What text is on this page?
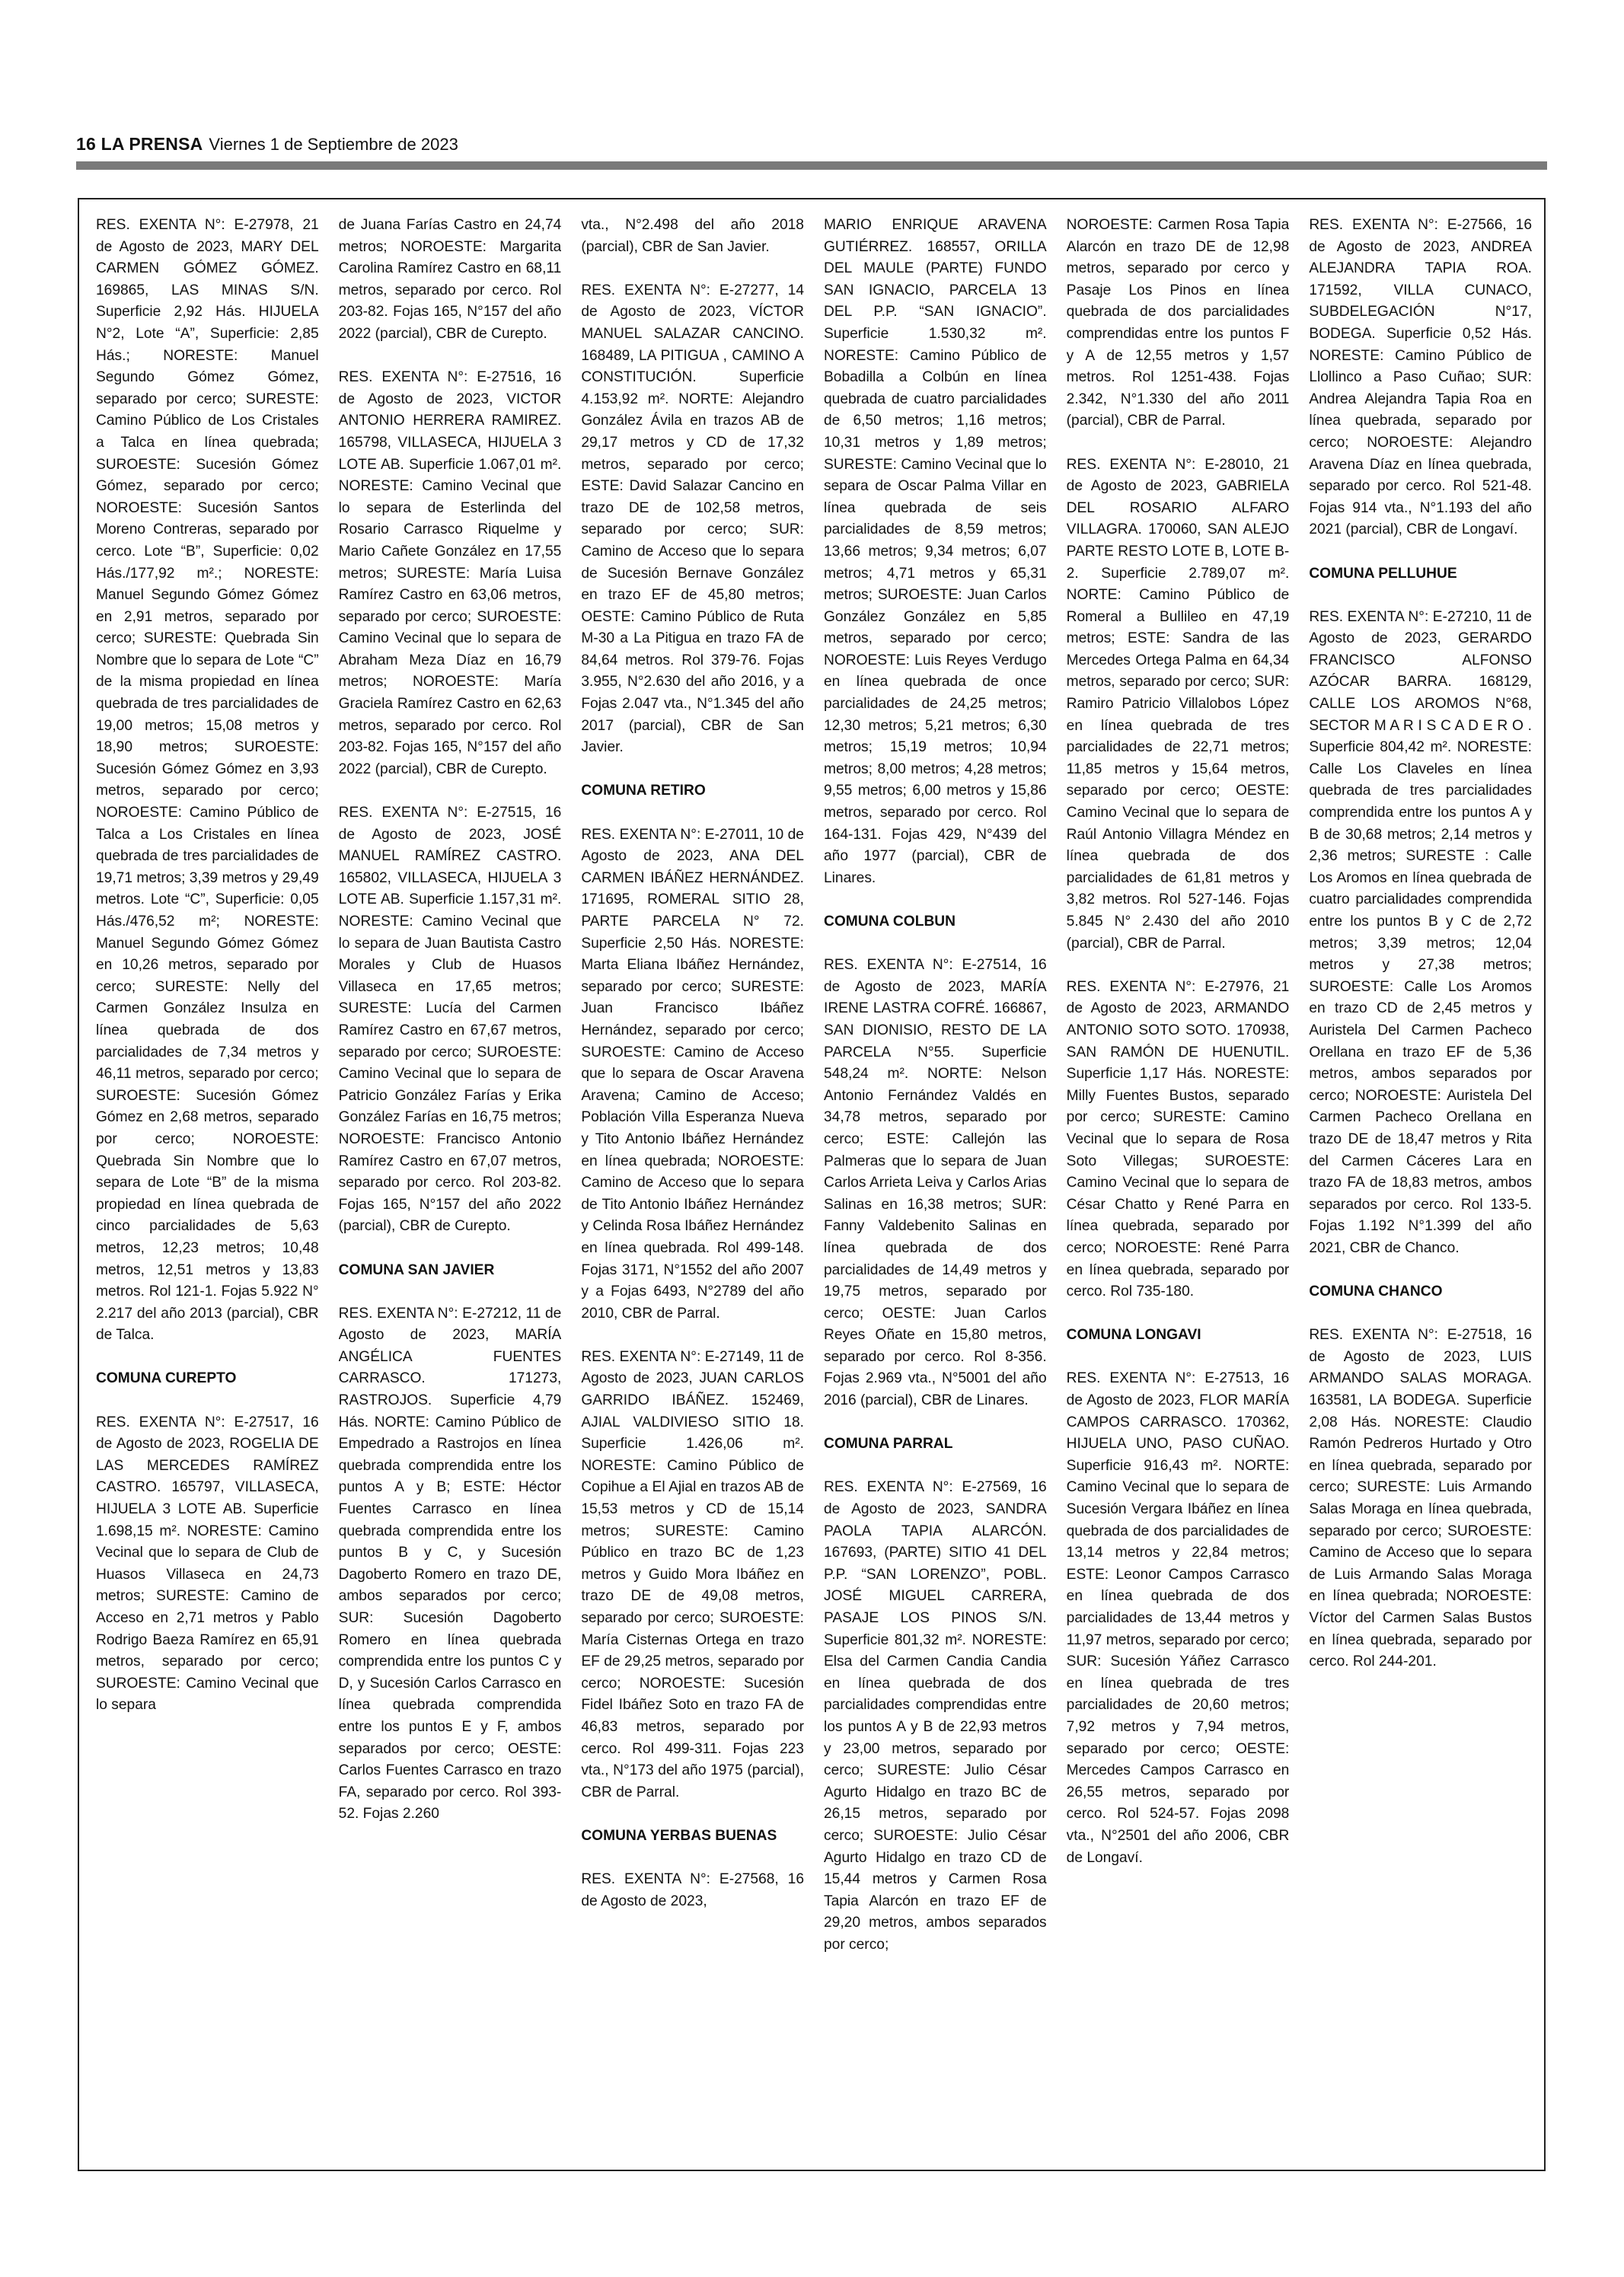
16 LA PRENSA Viernes 1 de Septiembre de 2023

RES. EXENTA N°: E-27978, 21 de Agosto de 2023, MARY DEL CARMEN GÓMEZ GÓMEZ. 169865, LAS MINAS S/N. Superficie 2,92 Hás. HIJUELA N°2, Lote “A”, Superficie: 2,85 Hás.; NORESTE: Manuel Segundo Gómez Gómez, separado por cerco; SURESTE: Camino Público de Los Cristales a Talca en línea quebrada; SUROESTE: Sucesión Gómez Gómez, separado por cerco; NOROESTE: Sucesión Santos Moreno Contreras, separado por cerco. Lote “B”, Superficie: 0,02 Hás./177,92 m².; NORESTE: Manuel Segundo Gómez Gómez en 2,91 metros, separado por cerco; SURESTE: Quebrada Sin Nombre que lo separa de Lote “C” de la misma propiedad en línea quebrada de tres parcialidades de 19,00 metros; 15,08 metros y 18,90 metros; SUROESTE: Sucesión Gómez Gómez en 3,93 metros, separado por cerco; NOROESTE: Camino Público de Talca a Los Cristales en línea quebrada de tres parcialidades de 19,71 metros; 3,39 metros y 29,49 metros. Lote “C”, Superficie: 0,05 Hás./476,52 m²; NORESTE: Manuel Segundo Gómez Gómez en 10,26 metros, separado por cerco; SURESTE: Nelly del Carmen González Insulza en línea quebrada de dos parcialidades de 7,34 metros y 46,11 metros, separado por cerco; SUROESTE: Sucesión Gómez Gómez en 2,68 metros, separado por cerco; NOROESTE: Quebrada Sin Nombre que lo separa de Lote “B” de la misma propiedad en línea quebrada de cinco parcialidades de 5,63 metros, 12,23 metros; 10,48 metros, 12,51 metros y 13,83 metros. Rol 121-1. Fojas 5.922 N° 2.217 del año 2013 (parcial), CBR de Talca.

COMUNA CUREPTO

RES. EXENTA N°: E-27517, 16 de Agosto de 2023, ROGELIA DE LAS MERCEDES RAMÍREZ CASTRO. 165797, VILLASECA, HIJUELA 3 LOTE AB. Superficie 1.698,15 m². NORESTE: Camino Vecinal que lo separa de Club de Huasos Villaseca en 24,73 metros; SURESTE: Camino de Acceso en 2,71 metros y Pablo Rodrigo Baeza Ramírez en 65,91 metros, separado por cerco; SUROESTE: Camino Vecinal que lo separa

de Juana Farías Castro en 24,74 metros; NOROESTE: Margarita Carolina Ramírez Castro en 68,11 metros, separado por cerco. Rol 203-82. Fojas 165, N°157 del año 2022 (parcial), CBR de Curepto.

RES. EXENTA N°: E-27516, 16 de Agosto de 2023, VICTOR ANTONIO HERRERA RAMIREZ. 165798, VILLASECA, HIJUELA 3 LOTE AB. Superficie 1.067,01 m². NORESTE: Camino Vecinal que lo separa de Esterlinda del Rosario Carrasco Riquelme y Mario Cañete González en 17,55 metros; SURESTE: María Luisa Ramírez Castro en 63,06 metros, separado por cerco; SUROESTE: Camino Vecinal que lo separa de Abraham Meza Díaz en 16,79 metros; NOROESTE: María Graciela Ramírez Castro en 62,63 metros, separado por cerco. Rol 203-82. Fojas 165, N°157 del año 2022 (parcial), CBR de Curepto.

RES. EXENTA N°: E-27515, 16 de Agosto de 2023, JOSÉ MANUEL RAMÍREZ CASTRO. 165802, VILLASECA, HIJUELA 3 LOTE AB. Superficie 1.157,31 m². NORESTE: Camino Vecinal que lo separa de Juan Bautista Castro Morales y Club de Huasos Villaseca en 17,65 metros; SURESTE: Lucía del Carmen Ramírez Castro en 67,67 metros, separado por cerco; SUROESTE: Camino Vecinal que lo separa de Patricio González Farías y Erika González Farías en 16,75 metros; NOROESTE: Francisco Antonio Ramírez Castro en 67,07 metros, separado por cerco. Rol 203-82. Fojas 165, N°157 del año 2022 (parcial), CBR de Curepto.

COMUNA SAN JAVIER

RES. EXENTA N°: E-27212, 11 de Agosto de 2023, MARÍA ANGÉLICA FUENTES CARRASCO. 171273, RASTROJOS. Superficie 4,79 Hás. NORTE: Camino Público de Empedrado a Rastrojos en línea quebrada comprendida entre los puntos A y B; ESTE: Héctor Fuentes Carrasco en línea quebrada comprendida entre los puntos B y C, y Sucesión Dagoberto Romero en trazo DE, ambos separados por cerco; SUR: Sucesión Dagoberto Romero en línea quebrada comprendida entre los puntos C y D, y Sucesión Carlos Carrasco en línea quebrada comprendida entre los puntos E y F, ambos separados por cerco; OESTE: Carlos Fuentes Carrasco en trazo FA, separado por cerco. Rol 393-52. Fojas 2.260

vta., N°2.498 del año 2018 (parcial), CBR de San Javier.

RES. EXENTA N°: E-27277, 14 de Agosto de 2023, VÍCTOR MANUEL SALAZAR CANCINO. 168489, LA PITIGUA , CAMINO A CONSTITUCIÓN. Superficie 4.153,92 m². NORTE: Alejandro González Ávila en trazos AB de 29,17 metros y CD de 17,32 metros, separado por cerco; ESTE: David Salazar Cancino en trazo DE de 102,58 metros, separado por cerco; SUR: Camino de Acceso que lo separa de Sucesión Bernave González en trazo EF de 45,80 metros; OESTE: Camino Público de Ruta M-30 a La Pitigua en trazo FA de 84,64 metros. Rol 379-76. Fojas 3.955, N°2.630 del año 2016, y a Fojas 2.047 vta., N°1.345 del año 2017 (parcial), CBR de San Javier.

COMUNA RETIRO

RES. EXENTA N°: E-27011, 10 de Agosto de 2023, ANA DEL CARMEN IBÁÑEZ HERNÁNDEZ. 171695, ROMERAL SITIO 28, PARTE PARCELA N° 72. Superficie 2,50 Hás. NORESTE: Marta Eliana Ibáñez Hernández, separado por cerco; SURESTE: Juan Francisco Ibáñez Hernández, separado por cerco; SUROESTE: Camino de Acceso que lo separa de Oscar Aravena Aravena; Camino de Acceso; Población Villa Esperanza Nueva y Tito Antonio Ibáñez Hernández en línea quebrada; NOROESTE: Camino de Acceso que lo separa de Tito Antonio Ibáñez Hernández y Celinda Rosa Ibáñez Hernández en línea quebrada. Rol 499-148. Fojas 3171, N°1552 del año 2007 y a Fojas 6493, N°2789 del año 2010, CBR de Parral.

RES. EXENTA N°: E-27149, 11 de Agosto de 2023, JUAN CARLOS GARRIDO IBÁÑEZ. 152469, AJIAL VALDIVIESO SITIO 18. Superficie 1.426,06 m². NORESTE: Camino Público de Copihue a El Ajial en trazos AB de 15,53 metros y CD de 15,14 metros; SURESTE: Camino Público en trazo BC de 1,23 metros y Guido Mora Ibáñez en trazo DE de 49,08 metros, separado por cerco; SUROESTE: María Cisternas Ortega en trazo EF de 29,25 metros, separado por cerco; NOROESTE: Sucesión Fidel Ibáñez Soto en trazo FA de 46,83 metros, separado por cerco. Rol 499-311. Fojas 223 vta., N°173 del año 1975 (parcial), CBR de Parral.

COMUNA YERBAS BUENAS

RES. EXENTA N°: E-27568, 16 de Agosto de 2023,

MARIO ENRIQUE ARAVENA GUTIÉRREZ. 168557, ORILLA DEL MAULE (PARTE) FUNDO SAN IGNACIO, PARCELA 13 DEL P.P. “SAN IGNACIO”. Superficie 1.530,32 m². NORESTE: Camino Público de Bobadilla a Colbún en línea quebrada de cuatro parcialidades de 6,50 metros; 1,16 metros; 10,31 metros y 1,89 metros; SURESTE: Camino Vecinal que lo separa de Oscar Palma Villar en línea quebrada de seis parcialidades de 8,59 metros; 13,66 metros; 9,34 metros; 6,07 metros; 4,71 metros y 65,31 metros; SUROESTE: Juan Carlos González González en 5,85 metros, separado por cerco; NOROESTE: Luis Reyes Verdugo en línea quebrada de once parcialidades de 24,25 metros; 12,30 metros; 5,21 metros; 6,30 metros; 15,19 metros; 10,94 metros; 8,00 metros; 4,28 metros; 9,55 metros; 6,00 metros y 15,86 metros, separado por cerco. Rol 164-131. Fojas 429, N°439 del año 1977 (parcial), CBR de Linares.

COMUNA COLBUN

RES. EXENTA N°: E-27514, 16 de Agosto de 2023, MARÍA IRENE LASTRA COFRÉ. 166867, SAN DIONISIO, RESTO DE LA PARCELA N°55. Superficie 548,24 m². NORTE: Nelson Antonio Fernández Valdés en 34,78 metros, separado por cerco; ESTE: Callejón las Palmeras que lo separa de Juan Carlos Arrieta Leiva y Carlos Arias Salinas en 16,38 metros; SUR: Fanny Valdebenito Salinas en línea quebrada de dos parcialidades de 14,49 metros y 19,75 metros, separado por cerco; OESTE: Juan Carlos Reyes Oñate en 15,80 metros, separado por cerco. Rol 8-356. Fojas 2.969 vta., N°5001 del año 2016 (parcial), CBR de Linares.

COMUNA PARRAL

RES. EXENTA N°: E-27569, 16 de Agosto de 2023, SANDRA PAOLA TAPIA ALARCÓN. 167693, (PARTE) SITIO 41 DEL P.P. “SAN LORENZO”, POBL. JOSÉ MIGUEL CARRERA, PASAJE LOS PINOS S/N. Superficie 801,32 m². NORESTE: Elsa del Carmen Candia Candia en línea quebrada de dos parcialidades comprendidas entre los puntos A y B de 22,93 metros y 23,00 metros, separado por cerco; SURESTE: Julio César Agurto Hidalgo en trazo BC de 26,15 metros, separado por cerco; SUROESTE: Julio César Agurto Hidalgo en trazo CD de 15,44 metros y Carmen Rosa Tapia Alarcón en trazo EF de 29,20 metros, ambos separados por cerco;

NOROESTE: Carmen Rosa Tapia Alarcón en trazo DE de 12,98 metros, separado por cerco y Pasaje Los Pinos en línea quebrada de dos parcialidades comprendidas entre los puntos F y A de 12,55 metros y 1,57 metros. Rol 1251-438. Fojas 2.342, N°1.330 del año 2011 (parcial), CBR de Parral.

RES. EXENTA N°: E-28010, 21 de Agosto de 2023, GABRIELA DEL ROSARIO ALFARO VILLAGRA. 170060, SAN ALEJO PARTE RESTO LOTE B, LOTE B-2. Superficie 2.789,07 m². NORTE: Camino Público de Romeral a Bullileo en 47,19 metros; ESTE: Sandra de las Mercedes Ortega Palma en 64,34 metros, separado por cerco; SUR: Ramiro Patricio Villalobos López en línea quebrada de tres parcialidades de 22,71 metros; 11,85 metros y 15,64 metros, separado por cerco; OESTE: Camino Vecinal que lo separa de Raúl Antonio Villagra Méndez en línea quebrada de dos parcialidades de 61,81 metros y 3,82 metros. Rol 527-146. Fojas 5.845 N° 2.430 del año 2010 (parcial), CBR de Parral.

RES. EXENTA N°: E-27976, 21 de Agosto de 2023, ARMANDO ANTONIO SOTO SOTO. 170938, SAN RAMÓN DE HUENUTIL. Superficie 1,17 Hás. NORESTE: Milly Fuentes Bustos, separado por cerco; SURESTE: Camino Vecinal que lo separa de Rosa Soto Villegas; SUROESTE: Camino Vecinal que lo separa de César Chatto y René Parra en línea quebrada, separado por cerco; NOROESTE: René Parra en línea quebrada, separado por cerco. Rol 735-180.

COMUNA LONGAVI

RES. EXENTA N°: E-27513, 16 de Agosto de 2023, FLOR MARÍA CAMPOS CARRASCO. 170362, HIJUELA UNO, PASO CUÑAO. Superficie 916,43 m². NORTE: Camino Vecinal que lo separa de Sucesión Vergara Ibáñez en línea quebrada de dos parcialidades de 13,14 metros y 22,84 metros; ESTE: Leonor Campos Carrasco en línea quebrada de dos parcialidades de 13,44 metros y 11,97 metros, separado por cerco; SUR: Sucesión Yáñez Carrasco en línea quebrada de tres parcialidades de 20,60 metros; 7,92 metros y 7,94 metros, separado por cerco; OESTE: Mercedes Campos Carrasco en 26,55 metros, separado por cerco. Rol 524-57. Fojas 2098 vta., N°2501 del año 2006, CBR de Longaví.

RES. EXENTA N°: E-27566, 16 de Agosto de 2023, ANDREA ALEJANDRA TAPIA ROA. 171592, VILLA CUNACO, SUBDELEGACIÓN N°17, BODEGA. Superficie 0,52 Hás. NORESTE: Camino Público de Llollinco a Paso Cuñao; SUR: Andrea Alejandra Tapia Roa en línea quebrada, separado por cerco; NOROESTE: Alejandro Aravena Díaz en línea quebrada, separado por cerco. Rol 521-48. Fojas 914 vta., N°1.193 del año 2021 (parcial), CBR de Longaví.

COMUNA PELLUHUE

RES. EXENTA N°: E-27210, 11 de Agosto de 2023, GERARDO FRANCISCO ALFONSO AZÓCAR BARRA. 168129, CALLE LOS AROMOS N°68, SECTOR M A R I S C A D E R O . Superficie 804,42 m². NORESTE: Calle Los Claveles en línea quebrada de tres parcialidades comprendida entre los puntos A y B de 30,68 metros; 2,14 metros y 2,36 metros; SURESTE : Calle Los Aromos en línea quebrada de cuatro parcialidades comprendida entre los puntos B y C de 2,72 metros; 3,39 metros; 12,04 metros y 27,38 metros; SUROESTE: Calle Los Aromos en trazo CD de 2,45 metros y Auristela Del Carmen Pacheco Orellana en trazo EF de 5,36 metros, ambos separados por cerco; NOROESTE: Auristela Del Carmen Pacheco Orellana en trazo DE de 18,47 metros y Rita del Carmen Cáceres Lara en trazo FA de 18,83 metros, ambos separados por cerco. Rol 133-5. Fojas 1.192 N°1.399 del año 2021, CBR de Chanco.

COMUNA CHANCO

RES. EXENTA N°: E-27518, 16 de Agosto de 2023, LUIS ARMANDO SALAS MORAGA. 163581, LA BODEGA. Superficie 2,08 Hás. NORESTE: Claudio Ramón Pedreros Hurtado y Otro en línea quebrada, separado por cerco; SURESTE: Luis Armando Salas Moraga en línea quebrada, separado por cerco; SUROESTE: Camino de Acceso que lo separa de Luis Armando Salas Moraga en línea quebrada; NOROESTE: Víctor del Carmen Salas Bustos en línea quebrada, separado por cerco. Rol 244-201.
